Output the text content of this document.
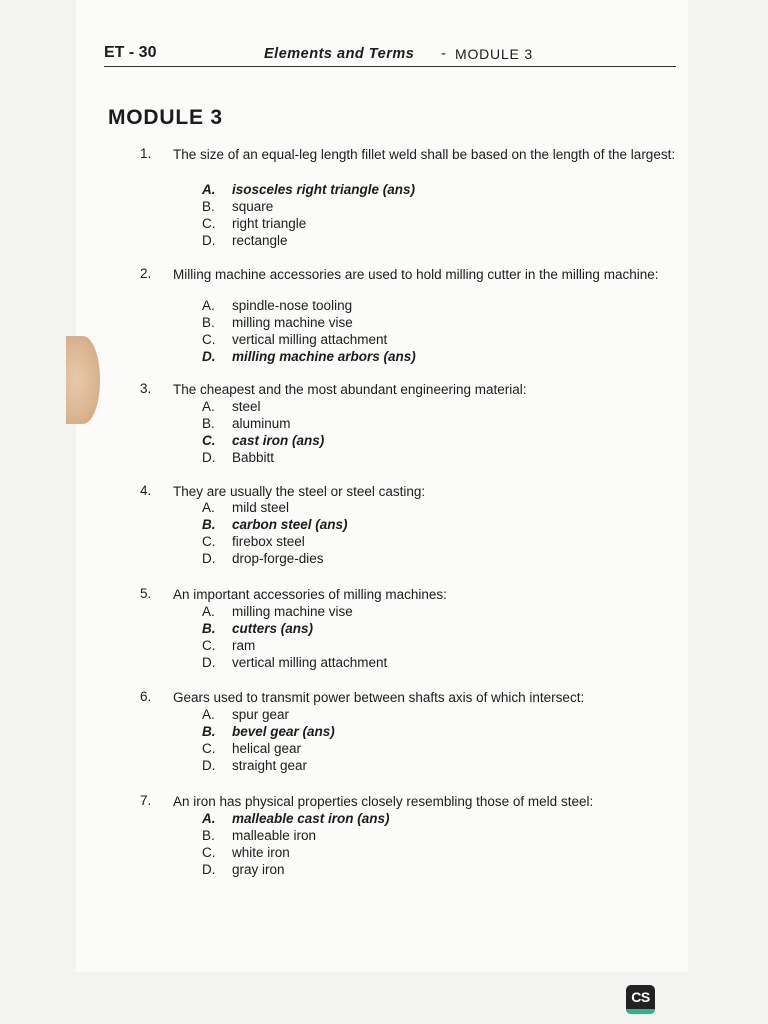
ET - 30	Elements and Terms - MODULE 3
MODULE 3
1.	The size of an equal-leg length fillet weld shall be based on the length of the largest:
A. isosceles right triangle (ans)
B. square
C. right triangle
D. rectangle
2.	Milling machine accessories are used to hold milling cutter in the milling machine:
A. spindle-nose tooling
B. milling machine vise
C. vertical milling attachment
D. milling machine arbors (ans)
3.	The cheapest and the most abundant engineering material:
A. steel
B. aluminum
C. cast iron (ans)
D. Babbitt
4.	They are usually the steel or steel casting:
A. mild steel
B. carbon steel (ans)
C. firebox steel
D. drop-forge-dies
5.	An important accessories of milling machines:
A. milling machine vise
B. cutters (ans)
C. ram
D. vertical milling attachment
6.	Gears used to transmit power between shafts axis of which intersect:
A. spur gear
B. bevel gear (ans)
C. helical gear
D. straight gear
7.	An iron has physical properties closely resembling those of meld steel:
A. malleable cast iron (ans)
B. malleable iron
C. white iron
D. gray iron
CS
